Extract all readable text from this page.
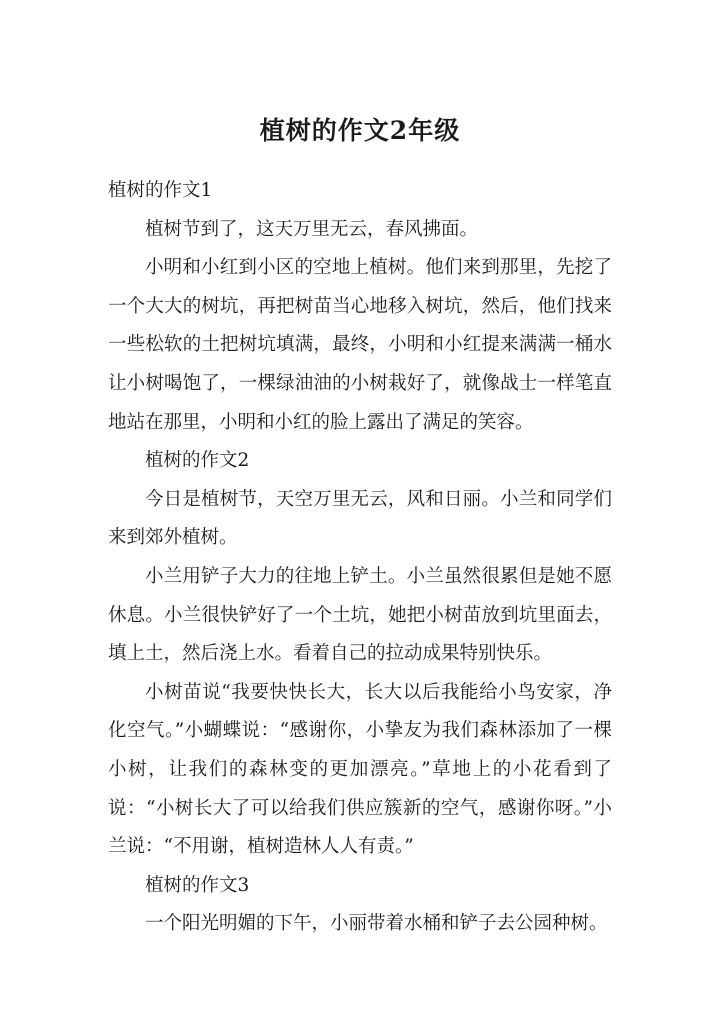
植树的作文2年级

植树的作文1

植树节到了，这天万里无云，春风拂面。

小明和小红到小区的空地上植树。他们来到那里，先挖了一个大大的树坑，再把树苗当心地移入树坑，然后，他们找来一些松软的土把树坑填满，最终，小明和小红提来满满一桶水让小树喝饱了，一棵绿油油的小树栽好了，就像战士一样笔直地站在那里，小明和小红的脸上露出了满足的笑容。

植树的作文2

今日是植树节，天空万里无云，风和日丽。小兰和同学们来到郊外植树。

小兰用铲子大力的往地上铲土。小兰虽然很累但是她不愿休息。小兰很快铲好了一个土坑，她把小树苗放到坑里面去，填上土，然后浇上水。看着自己的拉动成果特别快乐。

小树苗说“我要快快长大，长大以后我能给小鸟安家，净化空气。”小蝴蝶说：“感谢你，小挚友为我们森林添加了一棵小树，让我们的森林变的更加漂亮。”草地上的小花看到了说：“小树长大了可以给我们供应簇新的空气，感谢你呀。”小兰说：“不用谢，植树造林人人有责。”

植树的作文3

一个阳光明媚的下午，小丽带着水桶和铲子去公园种树。
